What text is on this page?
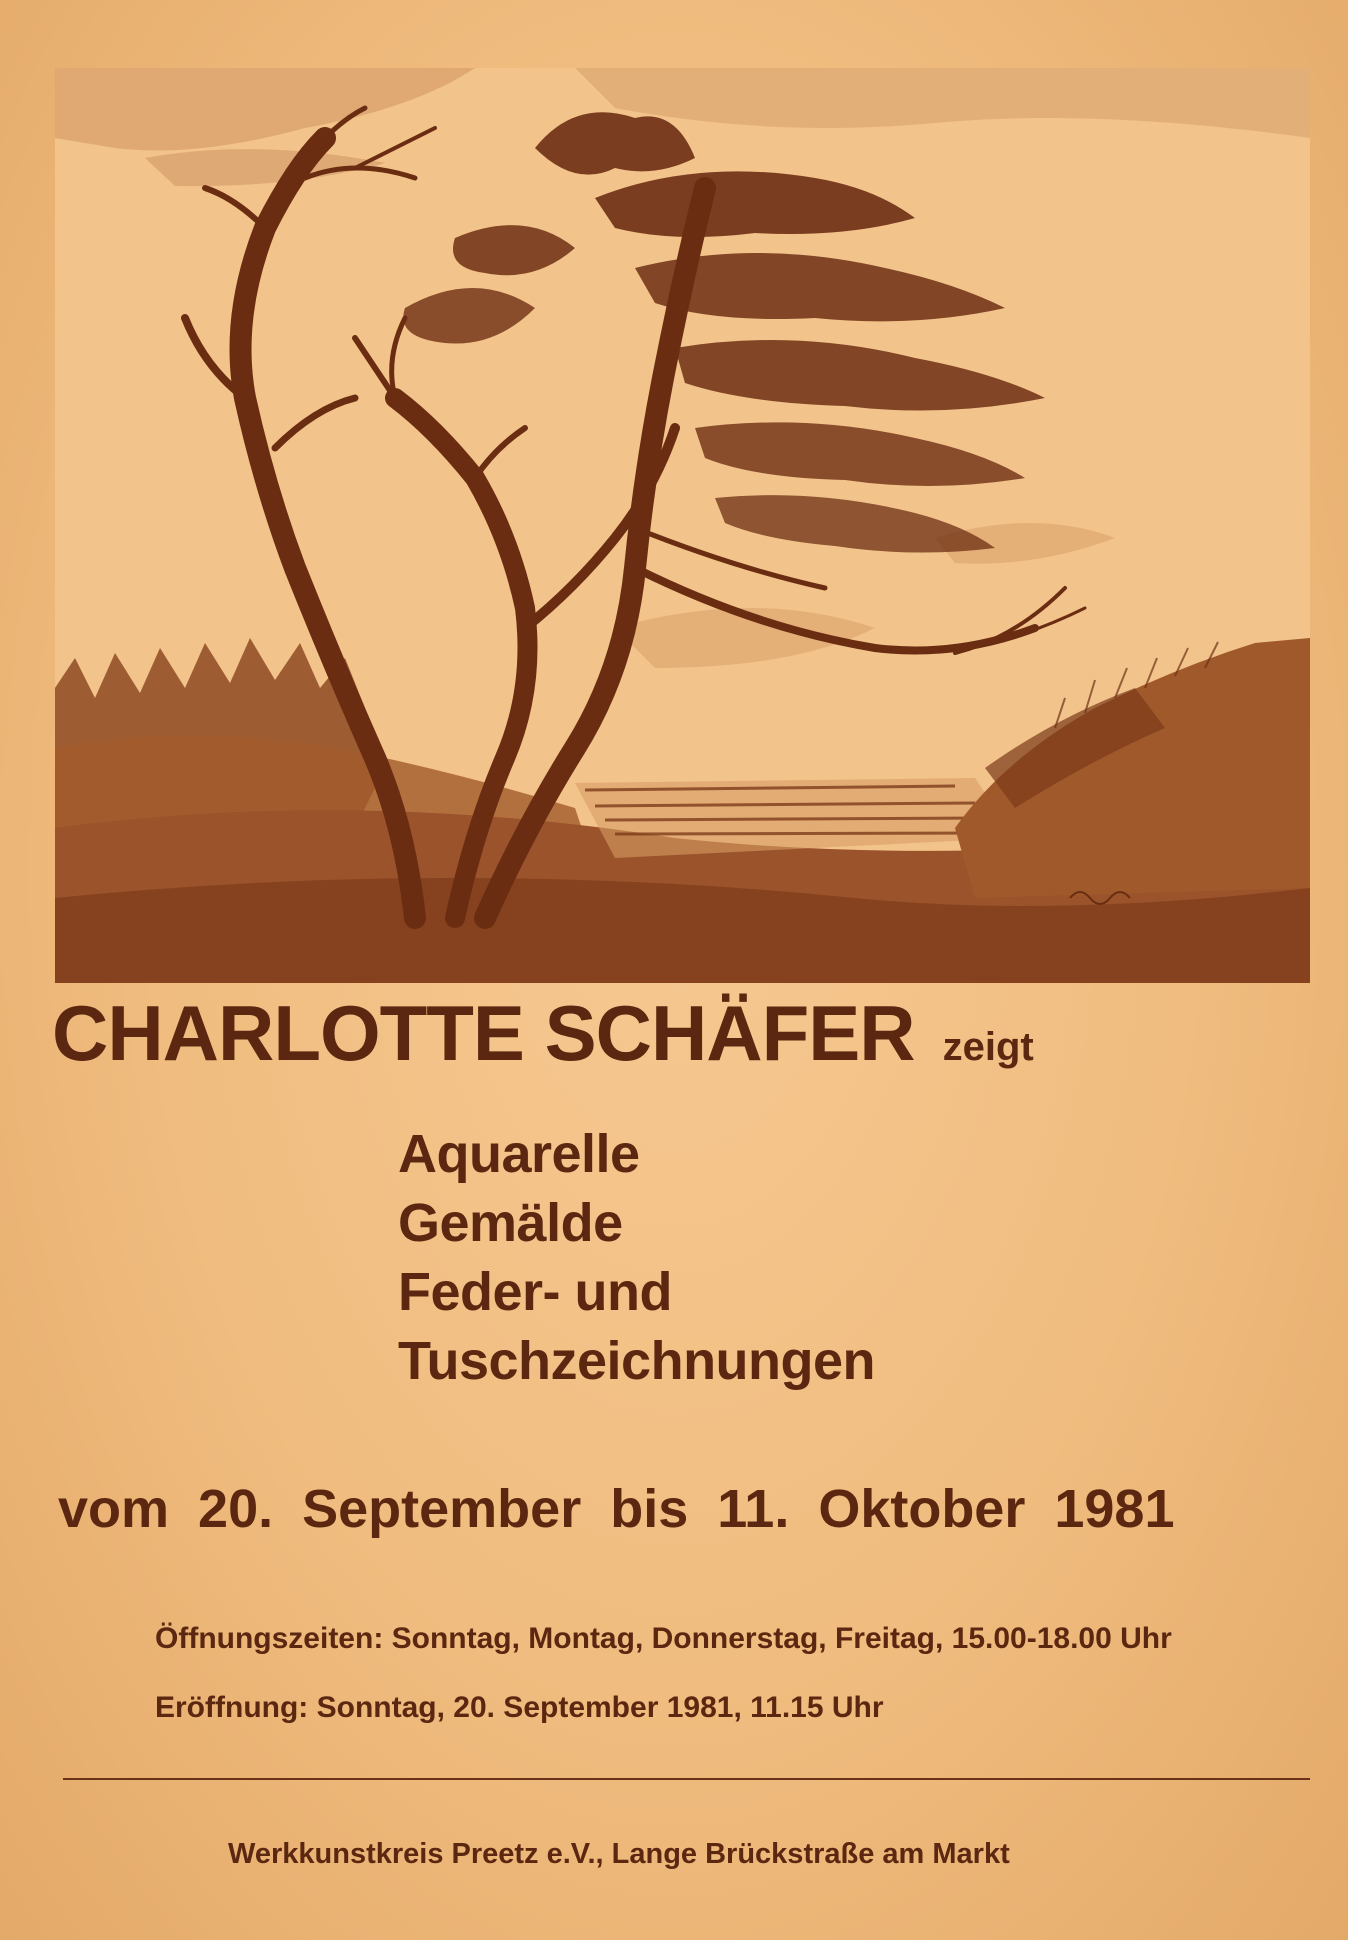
CHARLOTTE SCHÄFER zeigt
Aquarelle
Gemälde
Feder- und
Tuschzeichnungen
vom 20. September bis 11. Oktober 1981
Öffnungszeiten: Sonntag, Montag, Donnerstag, Freitag, 15.00-18.00 Uhr
Eröffnung: Sonntag, 20. September 1981, 11.15 Uhr
Werkkunstkreis Preetz e.V., Lange Brückstraße am Markt
